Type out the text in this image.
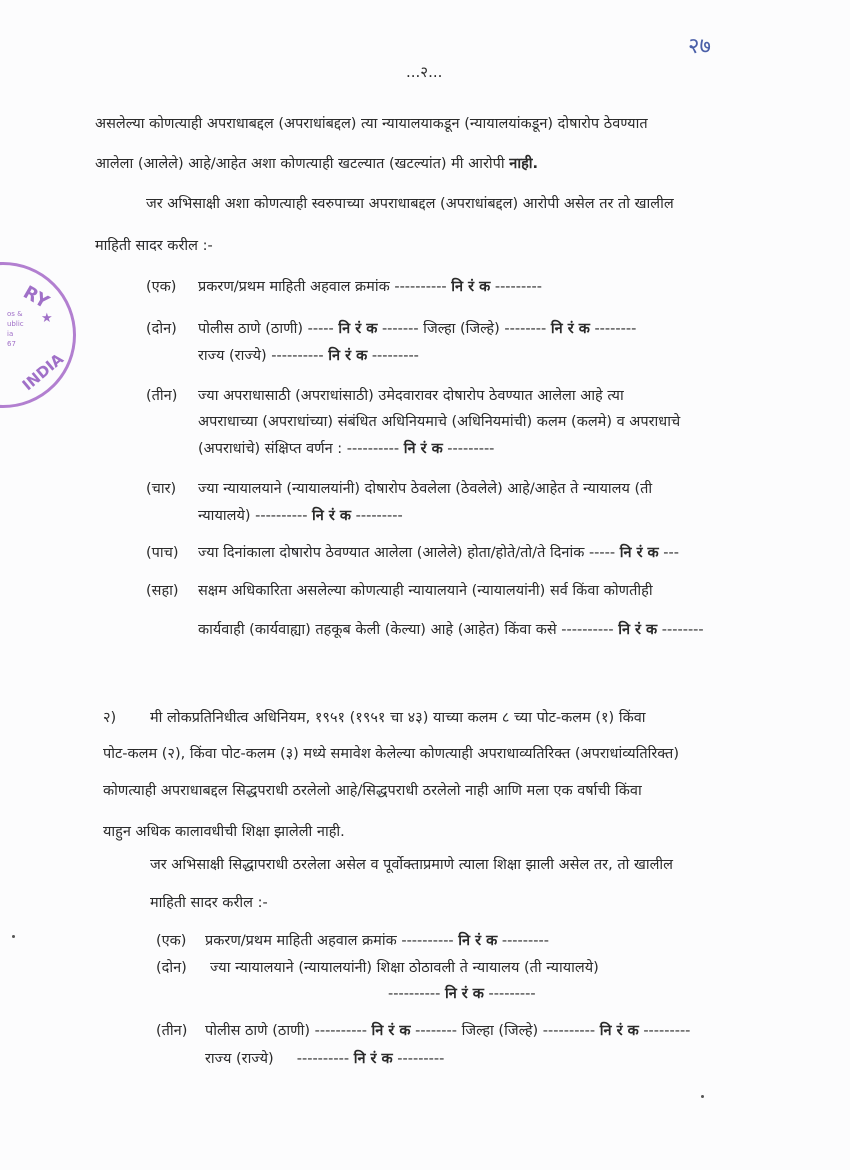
२७
...२...
RY
★
os &
ublic
ia
67
INDIA
असलेल्या कोणत्याही अपराधाबद्दल (अपराधांबद्दल) त्या न्यायालयाकडून (न्यायालयांकडून) दोषारोप ठेवण्यात
आलेला (आलेले) आहे/आहेत अशा कोणत्याही खटल्यात (खटल्यांत) मी आरोपी नाही.
जर अभिसाक्षी अशा कोणत्याही स्वरुपाच्या अपराधाबद्दल (अपराधांबद्दल) आरोपी असेल तर तो खालील
माहिती सादर करील :-
(एक) प्रकरण/प्रथम माहिती अहवाल क्रमांक ---------- नि रं क ---------
(दोन) पोलीस ठाणे (ठाणी) ----- नि रं क ------- जिल्हा (जिल्हे) -------- नि रं क --------
राज्य (राज्ये) ---------- नि रं क ---------
(तीन) ज्या अपराधासाठी (अपराधांसाठी) उमेदवारावर दोषारोप ठेवण्यात आलेला आहे त्या
अपराधाच्या (अपराधांच्या) संबंधित अधिनियमाचे (अधिनियमांची) कलम (कलमे) व अपराधाचे
(अपराधांचे) संक्षिप्त वर्णन : ---------- नि रं क ---------
(चार) ज्या न्यायालयाने (न्यायालयांनी) दोषारोप ठेवलेला (ठेवलेले) आहे/आहेत ते न्यायालय (ती
न्यायालये) ---------- नि रं क ---------
(पाच) ज्या दिनांकाला दोषारोप ठेवण्यात आलेला (आलेले) होता/होते/तो/ते दिनांक ----- नि रं क ---
(सहा) सक्षम अधिकारिता असलेल्या कोणत्याही न्यायालयाने (न्यायालयांनी) सर्व किंवा कोणतीही
कार्यवाही (कार्यवाह्या) तहकूब केली (केल्या) आहे (आहेत) किंवा कसे ---------- नि रं क --------
२) मी लोकप्रतिनिधीत्व अधिनियम, १९५१ (१९५१ चा ४३) याच्या कलम ८ च्या पोट-कलम (१) किंवा
पोट-कलम (२), किंवा पोट-कलम (३) मध्ये समावेश केलेल्या कोणत्याही अपराधाव्यतिरिक्त (अपराधांव्यतिरिक्त)
कोणत्याही अपराधाबद्दल सिद्धपराधी ठरलेलो आहे/सिद्धपराधी ठरलेलो नाही आणि मला एक वर्षाची किंवा
याहुन अधिक कालावधीची शिक्षा झालेली नाही.
जर अभिसाक्षी सिद्धापराधी ठरलेला असेल व पूर्वोक्ताप्रमाणे त्याला शिक्षा झाली असेल तर, तो खालील
माहिती सादर करील :-
(एक) प्रकरण/प्रथम माहिती अहवाल क्रमांक ---------- नि रं क ---------
(दोन) ज्या न्यायालयाने (न्यायालयांनी) शिक्षा ठोठावली ते न्यायालय (ती न्यायालये)
---------- नि रं क ---------
(तीन) पोलीस ठाणे (ठाणी) ---------- नि रं क -------- जिल्हा (जिल्हे) ---------- नि रं क ---------
राज्य (राज्ये)     ---------- नि रं क ---------
